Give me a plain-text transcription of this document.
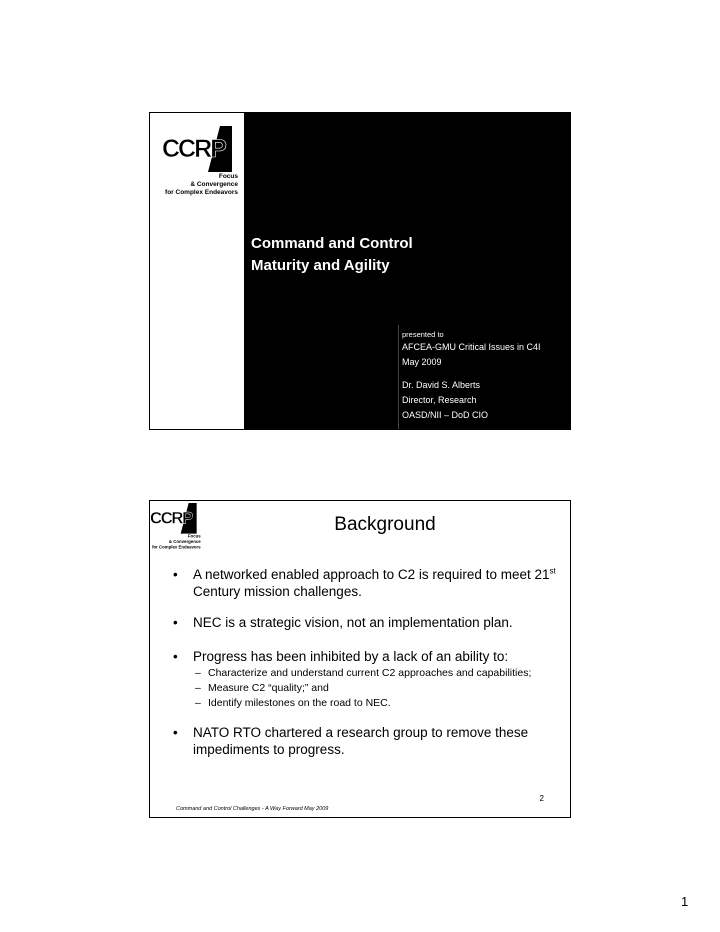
CCRP
Focus
& Convergence
for Complex Endeavors
Command and Control
Maturity and Agility
presented to
AFCEA-GMU Critical Issues in C4I
May 2009
Dr. David S. Alberts
Director, Research
OASD/NII – DoD CIO
CCRP
Focus
& Convergence
for Complex Endeavors
Background
• A networked enabled approach to C2 is required to meet 21st Century mission challenges.
• NEC is a strategic vision, not an implementation plan.
• Progress has been inhibited by a lack of an ability to:
– Characterize and understand current C2 approaches and capabilities;
– Measure C2 “quality;” and
– Identify milestones on the road to NEC.
• NATO RTO chartered a research group to remove these impediments to progress.
2
Command and Control Challenges - A Way Forward May 2009
1
